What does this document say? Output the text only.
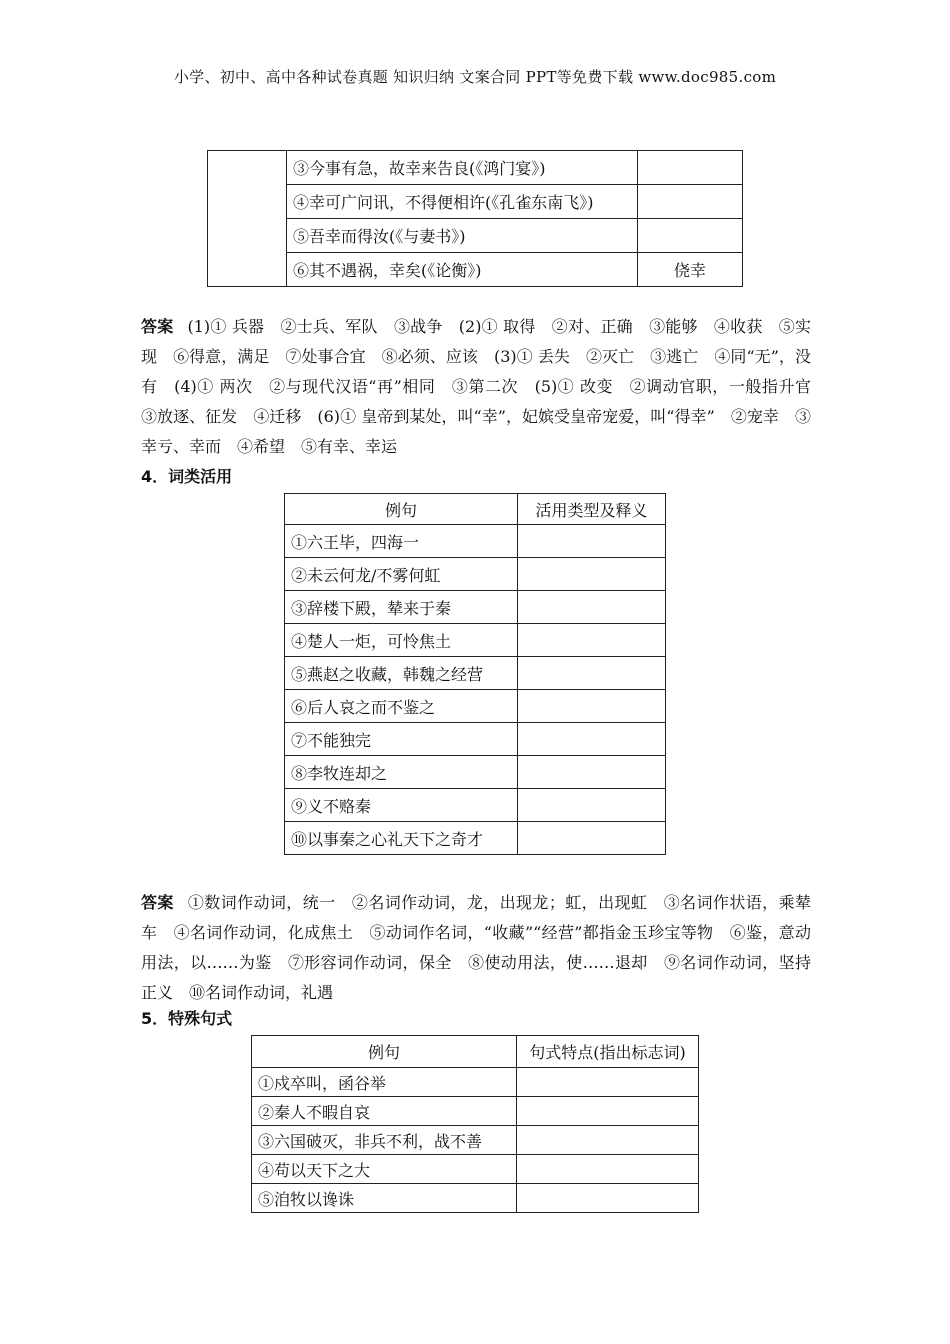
小学、初中、高中各种试卷真题 知识归纳 文案合同 PPT等免费下载 www.doc985.com
	③今事有急，故幸来告良(《鸿门宴》)	
	④幸可广问讯，不得便相许(《孔雀东南飞》)	
	⑤吾幸而得汝(《与妻书》)	
	⑥其不遇祸，幸矣(《论衡》)	侥幸
答案 (1)① 兵器　②士兵、军队　③战争　(2)① 取得　②对、正确　③能够　④收获　⑤实现　⑥得意，满足　⑦处事合宜　⑧必须、应该　(3)① 丢失　②灭亡　③逃亡　④同“无”，没有　(4)① 两次　②与现代汉语“再”相同　③第二次　(5)① 改变　②调动官职，一般指升官　③放逐、征发　④迁移　(6)① 皇帝到某处，叫“幸”，妃嫔受皇帝宠爱，叫“得幸”　②宠幸　③幸亏、幸而　④希望　⑤有幸、幸运
4．词类活用
例句	活用类型及释义
①六王毕，四海一	
②未云何龙/不雾何虹	
③辞楼下殿，辇来于秦	
④楚人一炬，可怜焦土	
⑤燕赵之收藏，韩魏之经营	
⑥后人哀之而不鉴之	
⑦不能独完	
⑧李牧连却之	
⑨义不赂秦	
⑩以事秦之心礼天下之奇才	
答案 ①数词作动词，统一　②名词作动词，龙，出现龙；虹，出现虹　③名词作状语，乘辇车　④名词作动词，化成焦土　⑤动词作名词，“收藏”“经营”都指金玉珍宝等物　⑥鉴，意动用法，以……为鉴　⑦形容词作动词，保全　⑧使动用法，使……退却　⑨名词作动词，坚持正义　⑩名词作动词，礼遇
5．特殊句式
例句	句式特点(指出标志词)
①戍卒叫，函谷举	
②秦人不暇自哀	
③六国破灭，非兵不利，战不善	
④苟以天下之大	
⑤洎牧以谗诛	
